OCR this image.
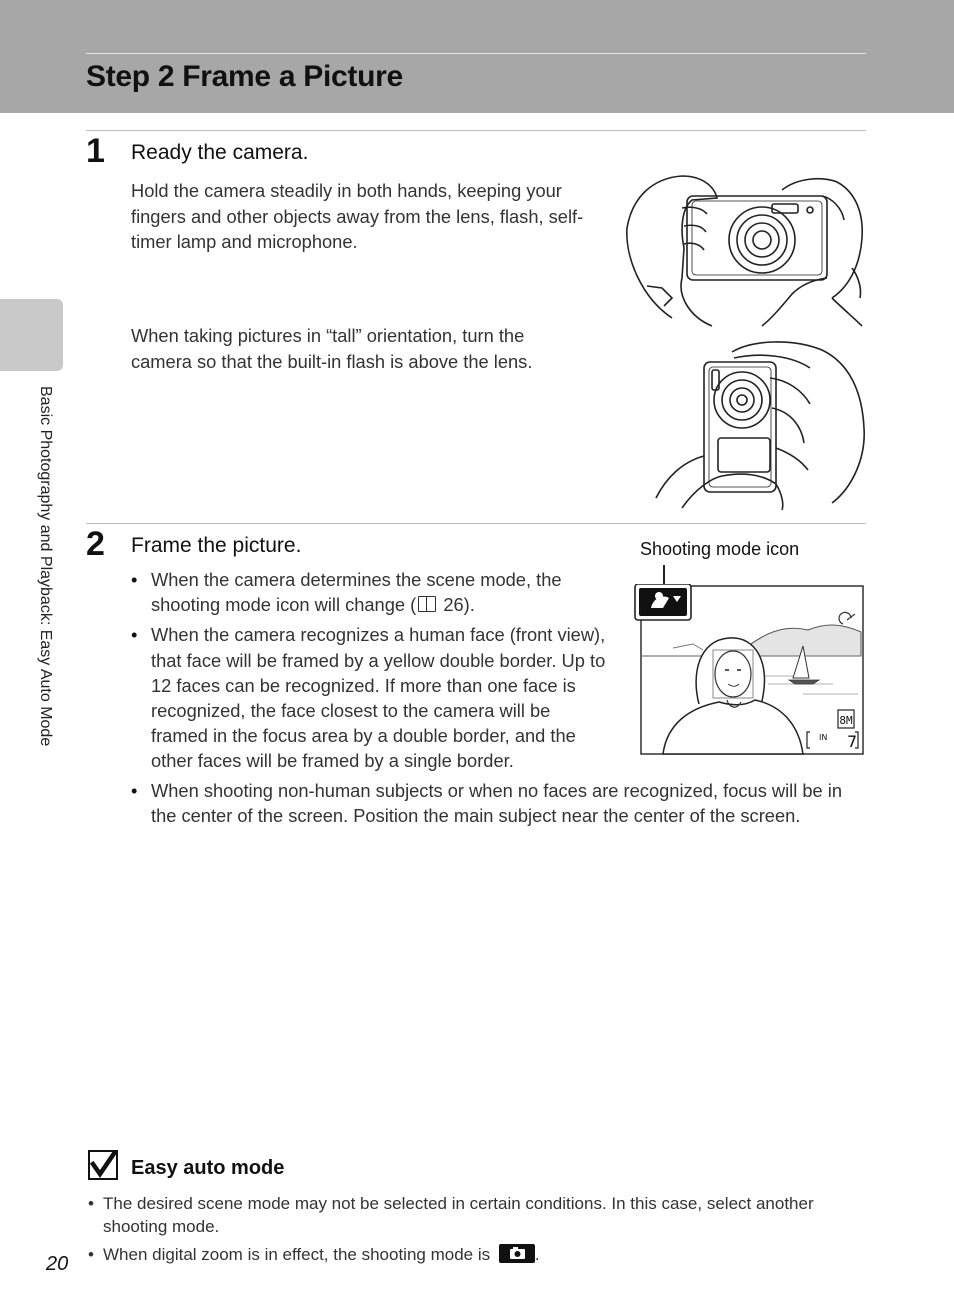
Step 2 Frame a Picture
Basic Photography and Playback: Easy Auto Mode
1 Ready the camera.
Hold the camera steadily in both hands, keeping your fingers and other objects away from the lens, flash, self-timer lamp and microphone.
When taking pictures in “tall” orientation, turn the camera so that the built-in flash is above the lens.
2 Frame the picture.
• When the camera determines the scene mode, the shooting mode icon will change ( 26).
• When the camera recognizes a human face (front view), that face will be framed by a yellow double border. Up to 12 faces can be recognized. If more than one face is recognized, the face closest to the camera will be framed in the focus area by a double border, and the other faces will be framed by a single border.
• When shooting non-human subjects or when no faces are recognized, focus will be in the center of the screen. Position the main subject near the center of the screen.
Shooting mode icon
8M
IN 7
Easy auto mode
• The desired scene mode may not be selected in certain conditions. In this case, select another shooting mode.
• When digital zoom is in effect, the shooting mode is .
20
